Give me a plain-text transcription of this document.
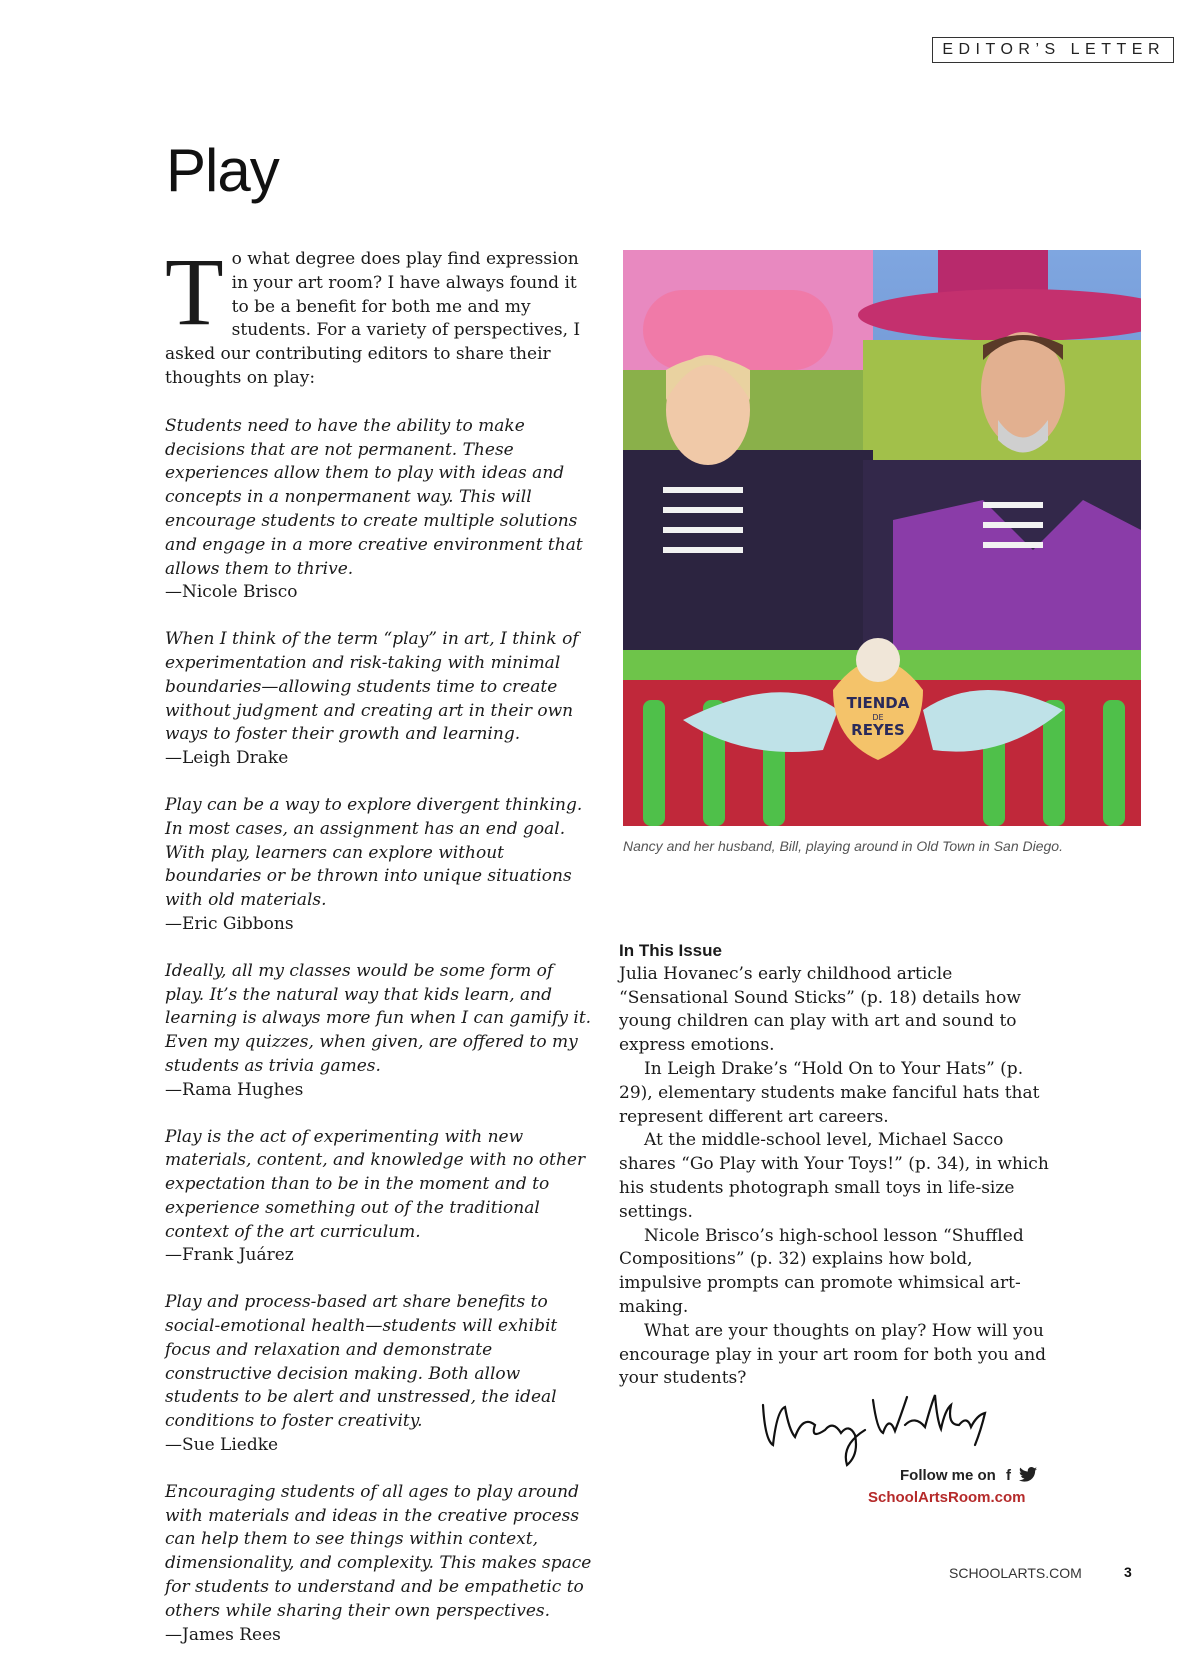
EDITOR’S LETTER
Play

To what degree does play find expression in your art room? I have always found it to be a benefit for both me and my students. For a variety of perspectives, I asked our contributing editors to share their thoughts on play:

Students need to have the ability to make decisions that are not permanent. These experiences allow them to play with ideas and concepts in a nonpermanent way. This will encourage students to create multiple solutions and engage in a more creative environment that allows them to thrive.
—Nicole Brisco

When I think of the term “play” in art, I think of experimentation and risk-taking with minimal boundaries—allowing students time to create without judgment and creating art in their own ways to foster their growth and learning.
—Leigh Drake

Play can be a way to explore divergent thinking. In most cases, an assignment has an end goal. With play, learners can explore without boundaries or be thrown into unique situations with old materials.
—Eric Gibbons

Ideally, all my classes would be some form of play. It’s the natural way that kids learn, and learning is always more fun when I can gamify it. Even my quizzes, when given, are offered to my students as trivia games.
—Rama Hughes

Play is the act of experimenting with new materials, content, and knowledge with no other expectation than to be in the moment and to experience something out of the traditional context of the art curriculum.
—Frank Juárez

Play and process-based art share benefits to social-emotional health—students will exhibit focus and relaxation and demonstrate constructive decision making. Both allow students to be alert and unstressed, the ideal conditions to foster creativity.
—Sue Liedke

Encouraging students of all ages to play around with materials and ideas in the creative process can help them to see things within context, dimensionality, and complexity. This makes space for students to understand and be empathetic to others while sharing their own perspectives.
—James Rees

TIENDA
DE
REYES
Nancy and her husband, Bill, playing around in Old Town in San Diego.

In This Issue

Julia Hovanec’s early childhood article “Sensational Sound Sticks” (p. 18) details how young children can play with art and sound to express emotions.

In Leigh Drake’s “Hold On to Your Hats” (p. 29), elementary students make fanciful hats that represent different art careers.

At the middle-school level, Michael Sacco shares “Go Play with Your Toys!” (p. 34), in which his students photograph small toys in life-size settings.

Nicole Brisco’s high-school lesson “Shuffled Compositions” (p. 32) explains how bold, impulsive prompts can promote whimsical art-making.

What are your thoughts on play? How will you encourage play in your art room for both you and your students?

Follow me on f
SchoolArtsRoom.com
SCHOOLARTS.COM	3
